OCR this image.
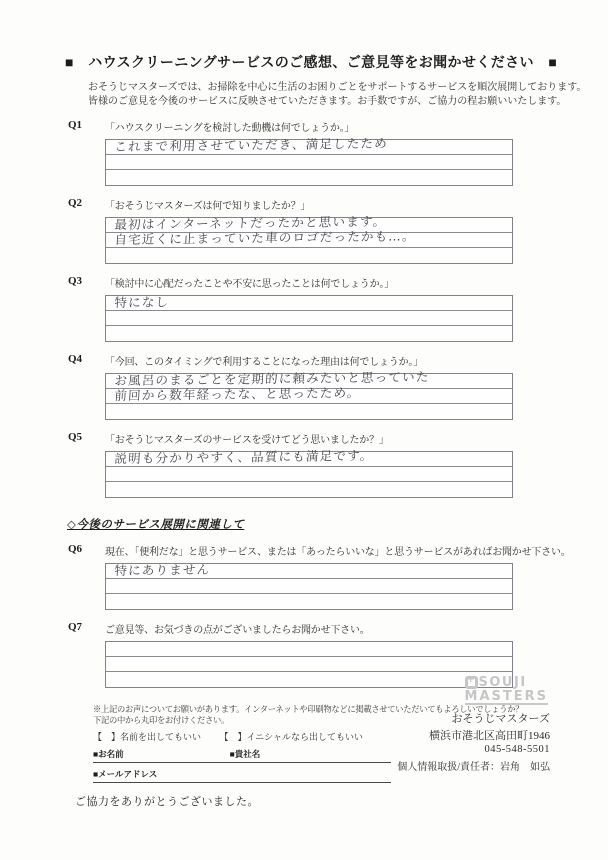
■　ハウスクリーニングサービスのご感想、ご意見等をお聞かせください　■
おそうじマスターズでは、お掃除を中心に生活のお困りごとをサポートするサービスを順次展開しております。
皆様のご意見を今後のサービスに反映させていただきます。お手数ですが、ご協力の程お願いいたします。
Q1	「ハウスクリーニングを検討した動機は何でしょうか。」
これまで利用させていただき、満足したため
Q2	「おそうじマスターズは何で知りましたか？」
最初はインターネットだったかと思います。
自宅近くに止まっていた車のロゴだったかも…。
Q3	「検討中に心配だったことや不安に思ったことは何でしょうか。」
特になし
Q4	「今回、このタイミングで利用することになった理由は何でしょうか。」
お風呂のまるごとを定期的に頼みたいと思っていた
前回から数年経ったな、と思ったため。
Q5	「おそうじマスターズのサービスを受けてどう思いましたか？」
説明も分かりやすく、品質にも満足です。
◇今後のサービス展開に関連して
Q6	現在、「便利だな」と思うサービス、または「あったらいいな」と思うサービスがあればお聞かせ下さい。
特にありません
Q7	ご意見等、お気づきの点がございましたらお聞かせ下さい。
※上記のお声についてお願いがあります。インターネットや印刷物などに掲載させていただいてもよろしいでしょうか？
下記の中から丸印をお付けください。
【　】名前を出してもいい 【　】イニシャルなら出してもいい
■お名前	■貴社名
■メールアドレス
ご協力をありがとうございました。
+ SOUJI
MASTERS
おそうじマスターズ
横浜市港北区高田町1946
045-548-5501
個人情報取扱/責任者：岩角　如弘
